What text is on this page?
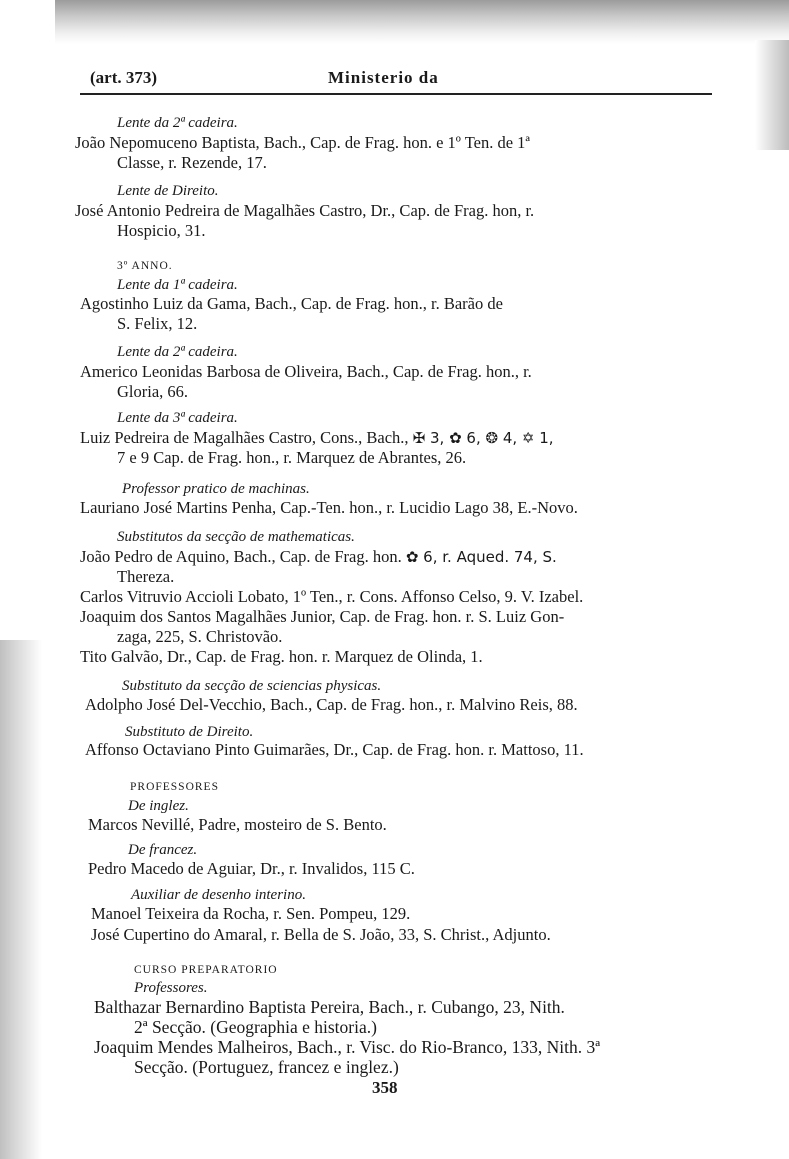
(art. 373)	Ministerio da
Lente da 2ª cadeira.
João Nepomuceno Baptista, Bach., Cap. de Frag. hon. e 1º Ten. de 1ª
Classe, r. Rezende, 17.
Lente de Direito.
José Antonio Pedreira de Magalhães Castro, Dr., Cap. de Frag. hon, r.
Hospicio, 31.
3º ANNO.
Lente da 1ª cadeira.
Agostinho Luiz da Gama, Bach., Cap. de Frag. hon., r. Barão de
S. Felix, 12.
Lente da 2ª cadeira.
Americo Leonidas Barbosa de Oliveira, Bach., Cap. de Frag. hon., r.
Gloria, 66.
Lente da 3ª cadeira.
Luiz Pedreira de Magalhães Castro, Cons., Bach., ✠ 3, ✿ 6, ❂ 4, ✡ 1,
7 e 9 Cap. de Frag. hon., r. Marquez de Abrantes, 26.
Professor pratico de machinas.
Lauriano José Martins Penha, Cap.-Ten. hon., r. Lucidio Lago 38, E.-Novo.
Substitutos da secção de mathematicas.
João Pedro de Aquino, Bach., Cap. de Frag. hon. ✿ 6, r. Aqued. 74, S.
Thereza.
Carlos Vitruvio Accioli Lobato, 1º Ten., r. Cons. Affonso Celso, 9. V. Izabel.
Joaquim dos Santos Magalhães Junior, Cap. de Frag. hon. r. S. Luiz Gon-
zaga, 225, S. Christovão.
Tito Galvão, Dr., Cap. de Frag. hon. r. Marquez de Olinda, 1.
Substituto da secção de sciencias physicas.
Adolpho José Del-Vecchio, Bach., Cap. de Frag. hon., r. Malvino Reis, 88.
Substituto de Direito.
Affonso Octaviano Pinto Guimarães, Dr., Cap. de Frag. hon. r. Mattoso, 11.
PROFESSORES
De inglez.
Marcos Nevillé, Padre, mosteiro de S. Bento.
De francez.
Pedro Macedo de Aguiar, Dr., r. Invalidos, 115 C.
Auxiliar de desenho interino.
Manoel Teixeira da Rocha, r. Sen. Pompeu, 129.
José Cupertino do Amaral, r. Bella de S. João, 33, S. Christ., Adjunto.
CURSO PREPARATORIO
Professores.
Balthazar Bernardino Baptista Pereira, Bach., r. Cubango, 23, Nith.
2ª Secção. (Geographia e historia.)
Joaquim Mendes Malheiros, Bach., r. Visc. do Rio-Branco, 133, Nith. 3ª
Secção. (Portuguez, francez e inglez.)
358
